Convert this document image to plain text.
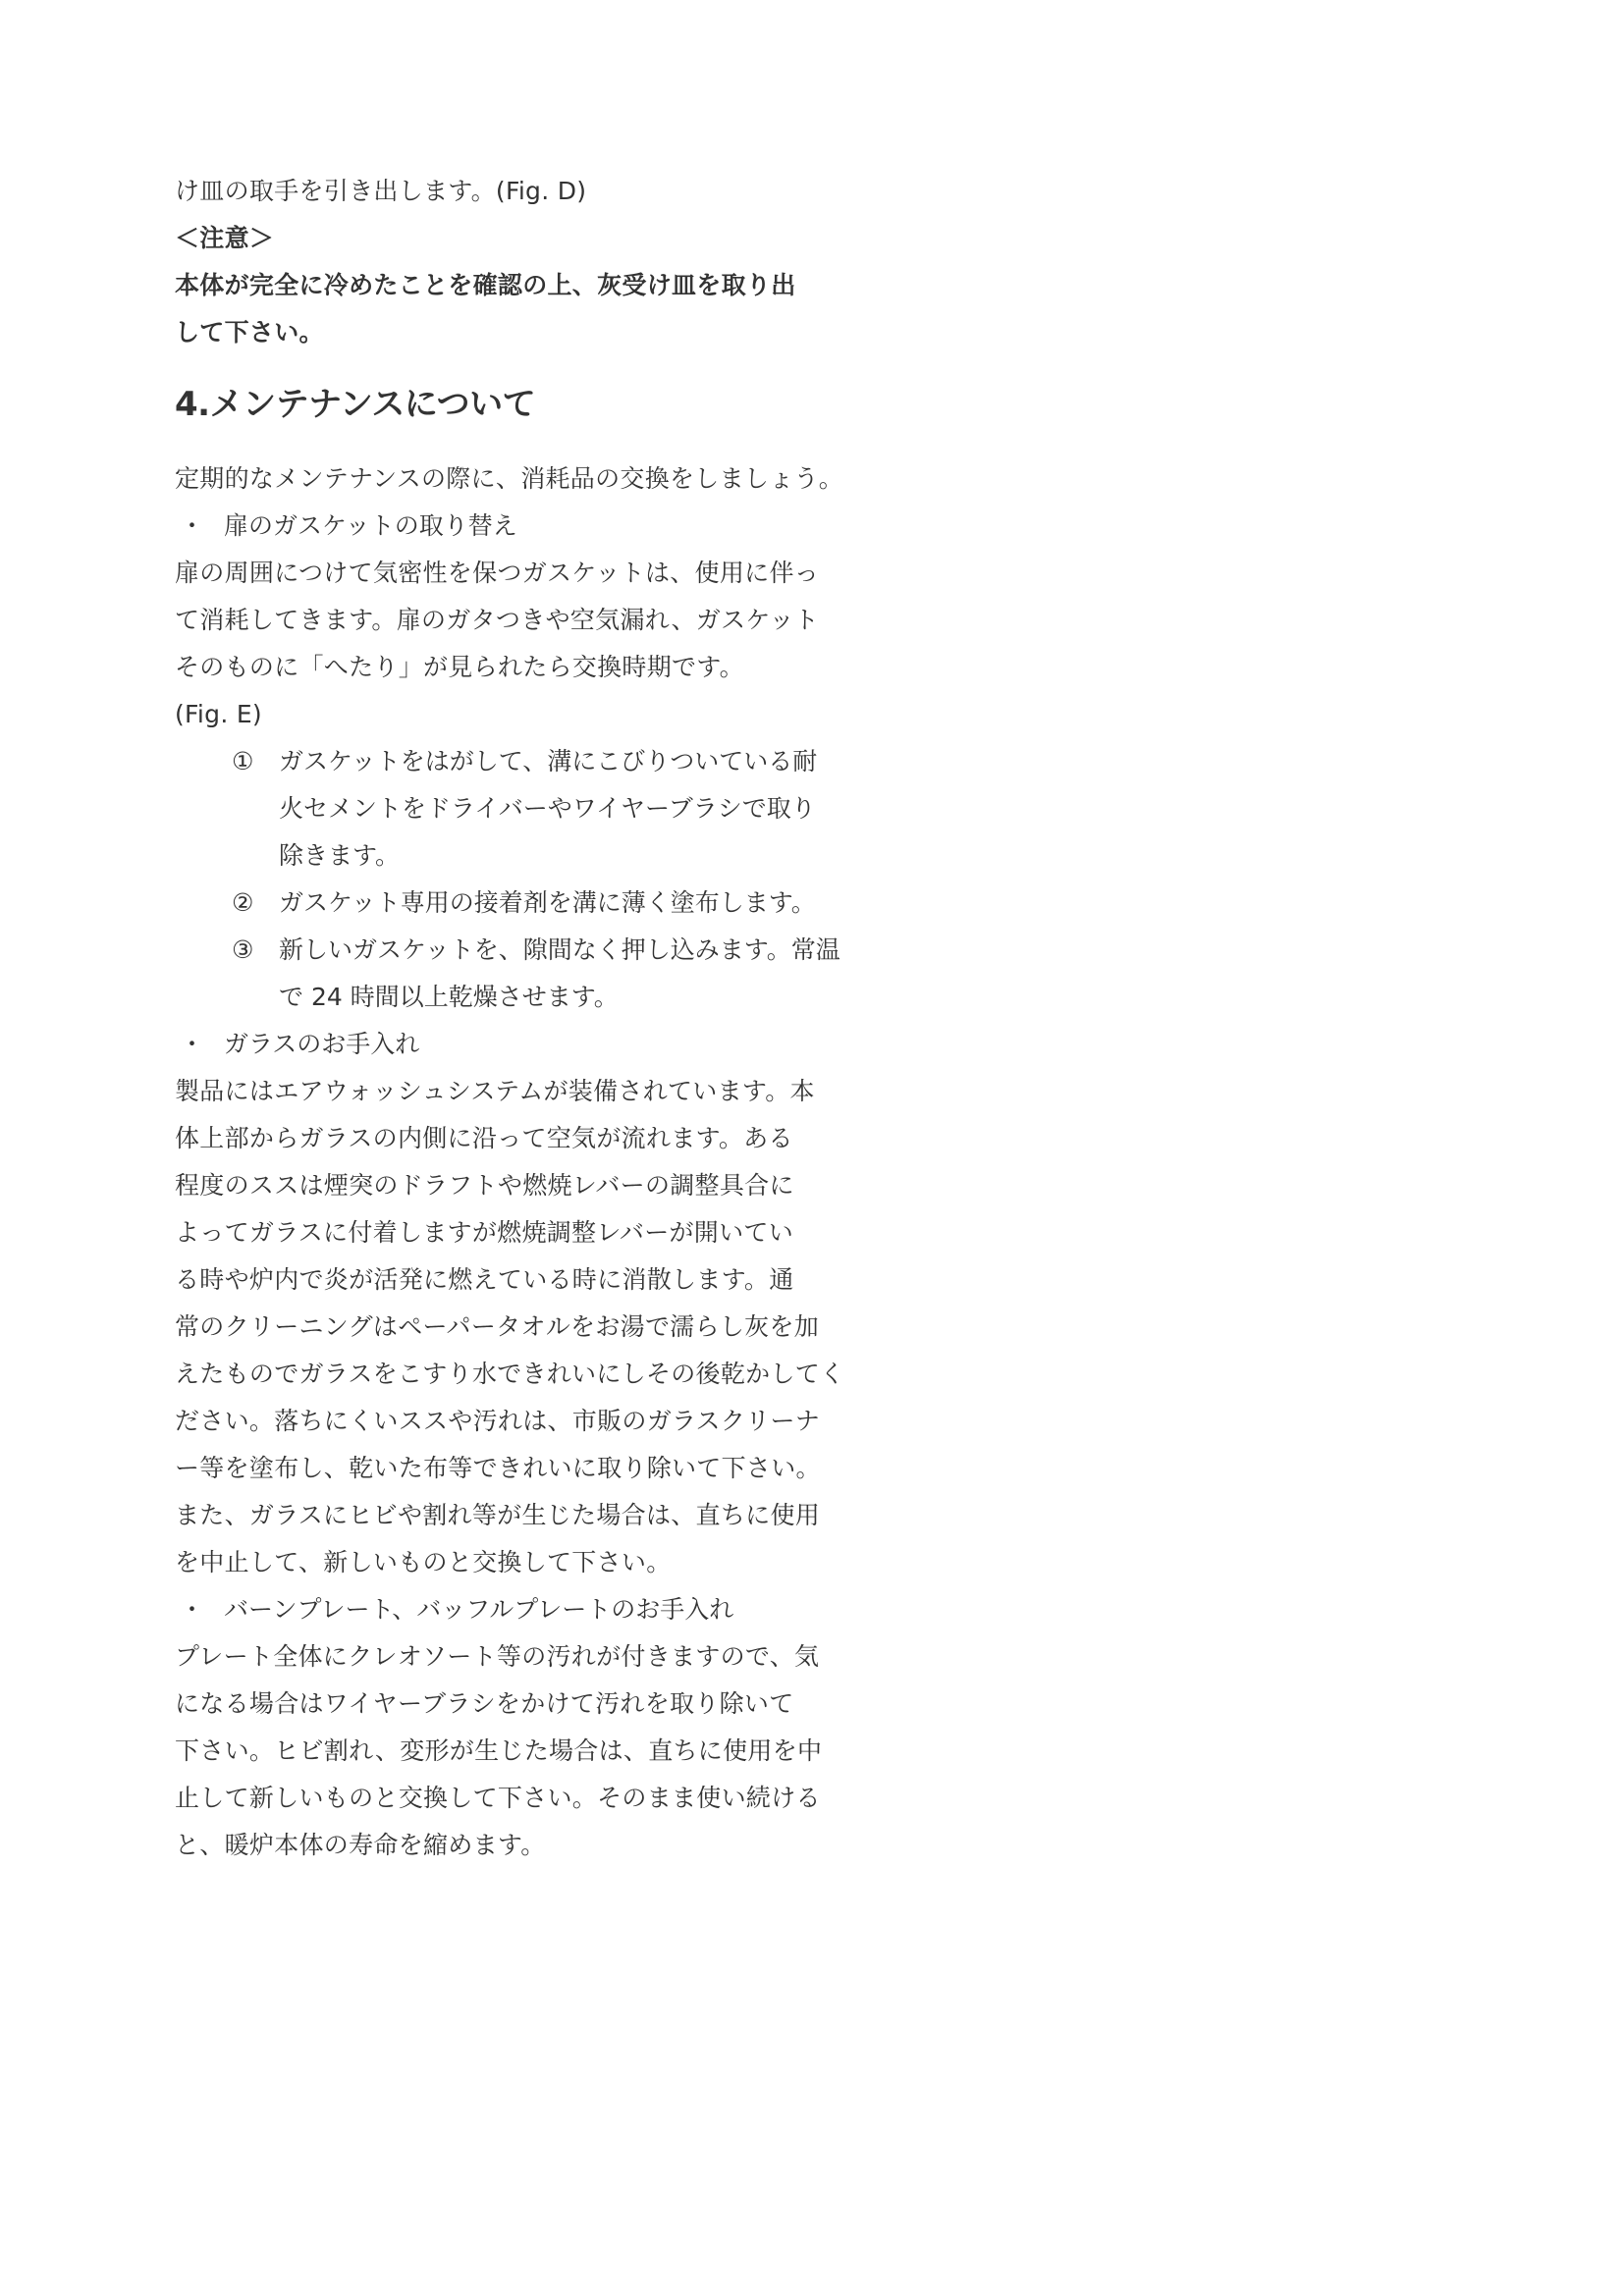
け皿の取手を引き出します。(Fig. D)
＜注意＞
本体が完全に冷めたことを確認の上、灰受け皿を取り出
して下さい。
4.メンテナンスについて
定期的なメンテナンスの際に、消耗品の交換をしましょう。
・ 扉のガスケットの取り替え
扉の周囲につけて気密性を保つガスケットは、使用に伴っ
て消耗してきます。扉のガタつきや空気漏れ、ガスケット
そのものに「へたり」が見られたら交換時期です。
(Fig. E)
① ガスケットをはがして、溝にこびりついている耐
火セメントをドライバーやワイヤーブラシで取り
除きます。
② ガスケット専用の接着剤を溝に薄く塗布します。
③ 新しいガスケットを、隙間なく押し込みます。常温
で 24 時間以上乾燥させます。
・ ガラスのお手入れ
製品にはエアウォッシュシステムが装備されています。本
体上部からガラスの内側に沿って空気が流れます。ある
程度のススは煙突のドラフトや燃焼レバーの調整具合に
よってガラスに付着しますが燃焼調整レバーが開いてい
る時や炉内で炎が活発に燃えている時に消散します。通
常のクリーニングはペーパータオルをお湯で濡らし灰を加
えたものでガラスをこすり水できれいにしその後乾かしてく
ださい。落ちにくいススや汚れは、市販のガラスクリーナ
ー等を塗布し、乾いた布等できれいに取り除いて下さい。
また、ガラスにヒビや割れ等が生じた場合は、直ちに使用
を中止して、新しいものと交換して下さい。
・ バーンプレート、バッフルプレートのお手入れ
プレート全体にクレオソート等の汚れが付きますので、気
になる場合はワイヤーブラシをかけて汚れを取り除いて
下さい。ヒビ割れ、変形が生じた場合は、直ちに使用を中
止して新しいものと交換して下さい。そのまま使い続ける
と、暖炉本体の寿命を縮めます。
